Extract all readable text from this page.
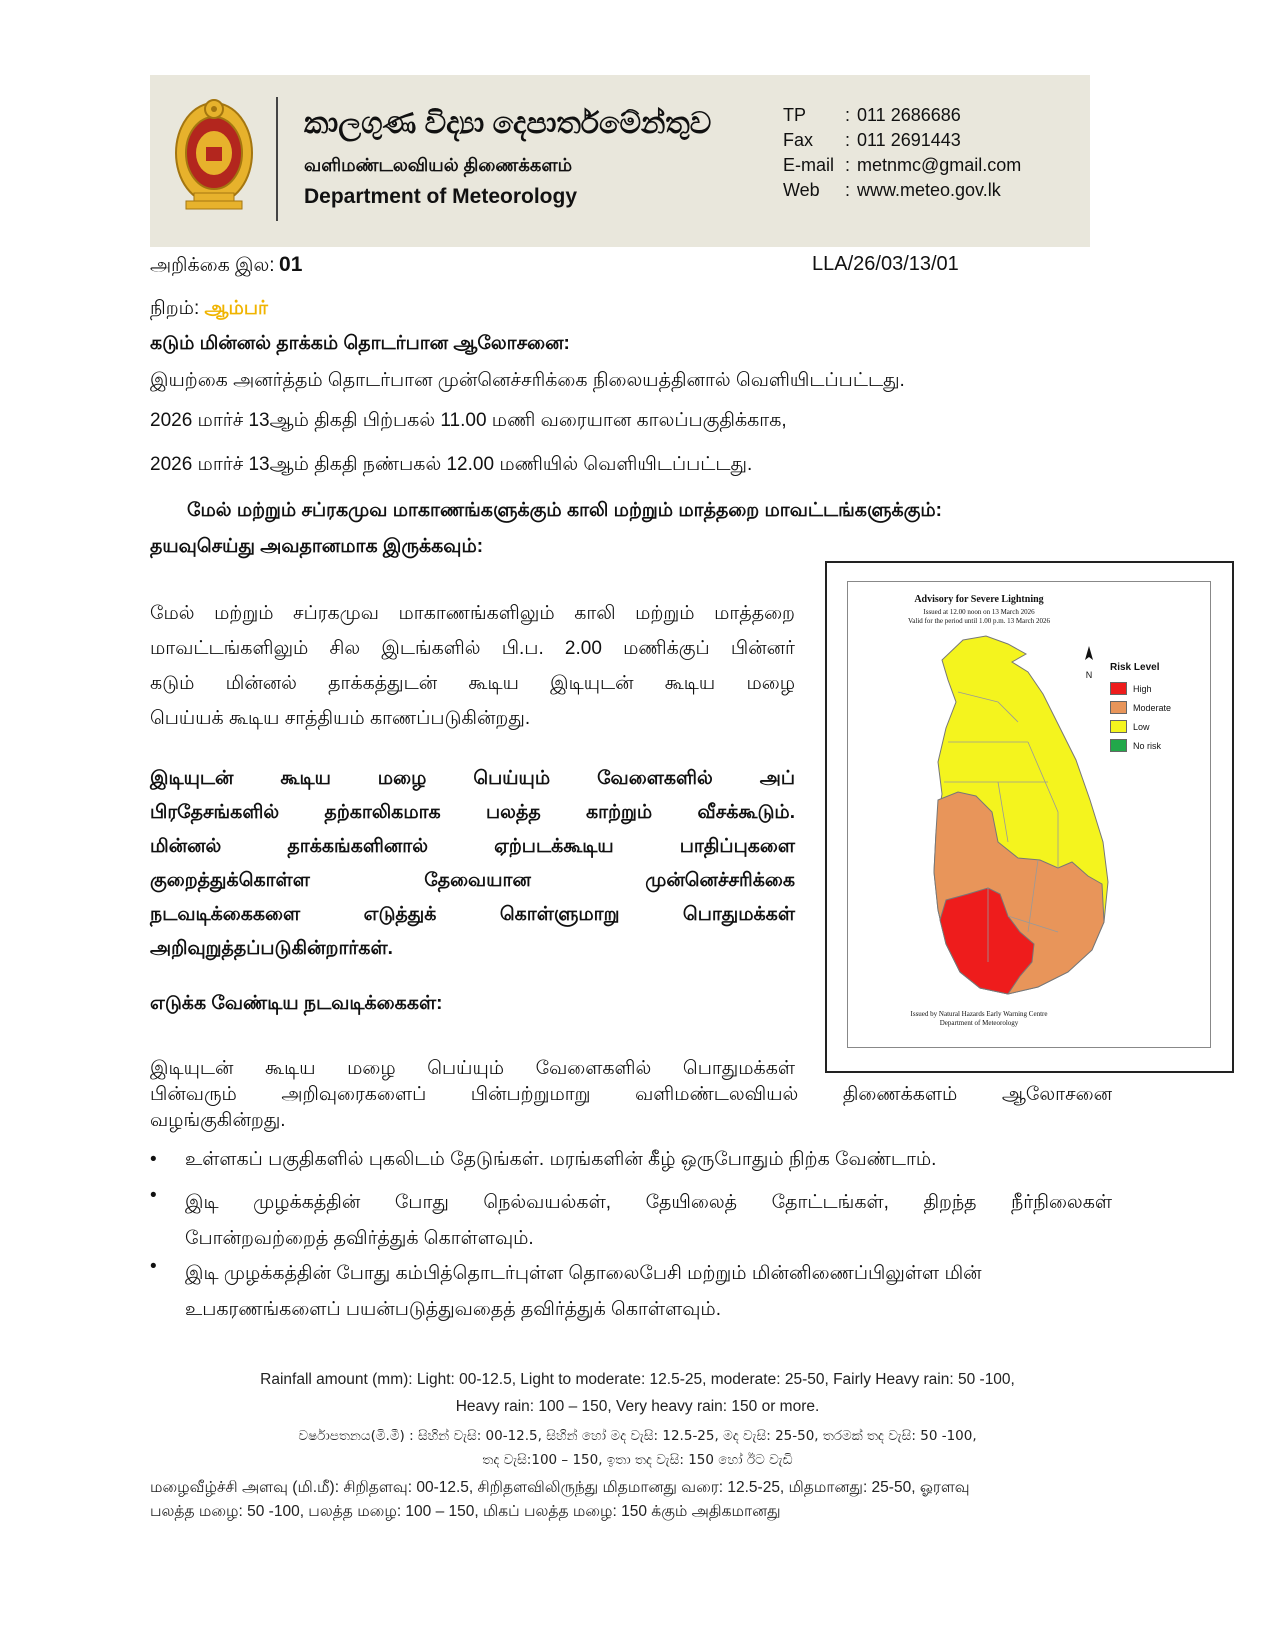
කාලගුණ විද්‍යා දෙපාර්තමේන්තුව
வளிமண்டலவியல் திணைக்களம்
Department of Meteorology
TP : 011 2686686
Fax : 011 2691443
E-mail : metnmc@gmail.com
Web : www.meteo.gov.lk
அறிக்கை இல: 01	LLA/26/03/13/01
நிறம்: ஆம்பர்
கடும் மின்னல் தாக்கம் தொடர்பான ஆலோசனை:
இயற்கை அனர்த்தம் தொடர்பான முன்னெச்சரிக்கை நிலையத்தினால் வெளியிடப்பட்டது.
2026 மார்ச் 13ஆம் திகதி பிற்பகல் 11.00 மணி வரையான காலப்பகுதிக்காக,
2026 மார்ச் 13ஆம் திகதி நண்பகல் 12.00 மணியில் வெளியிடப்பட்டது.
மேல் மற்றும் சப்ரகமுவ மாகாணங்களுக்கும் காலி மற்றும் மாத்தறை மாவட்டங்களுக்கும்:
தயவுசெய்து அவதானமாக இருக்கவும்:
மேல் மற்றும் சப்ரகமுவ மாகாணங்களிலும் காலி மற்றும் மாத்தறை
மாவட்டங்களிலும் சில இடங்களில் பி.ப. 2.00 மணிக்குப் பின்னர்
கடும் மின்னல் தாக்கத்துடன் கூடிய இடியுடன் கூடிய மழை
பெய்யக் கூடிய சாத்தியம் காணப்படுகின்றது.
இடியுடன் கூடிய மழை பெய்யும் வேளைகளில் அப்
பிரதேசங்களில் தற்காலிகமாக பலத்த காற்றும் வீசக்கூடும்.
மின்னல் தாக்கங்களினால் ஏற்படக்கூடிய பாதிப்புகளை
குறைத்துக்கொள்ள தேவையான முன்னெச்சரிக்கை
நடவடிக்கைகளை எடுத்துக் கொள்ளுமாறு பொதுமக்கள்
அறிவுறுத்தப்படுகின்றார்கள்.
எடுக்க வேண்டிய நடவடிக்கைகள்:
Advisory for Severe Lightning
Issued at 12.00 noon on 13 March 2026
Valid for the period until 1.00 p.m. 13 March 2026
N
Risk Level
High
Moderate
Low
No risk
Issued by Natural Hazards Early Warning Centre
Department of Meteorology
இடியுடன் கூடிய மழை பெய்யும் வேளைகளில் பொதுமக்கள்
பின்வரும் அறிவுரைகளைப் பின்பற்றுமாறு வளிமண்டலவியல் திணைக்களம் ஆலோசனை
வழங்குகின்றது.
• உள்ளகப் பகுதிகளில் புகலிடம் தேடுங்கள். மரங்களின் கீழ் ஒருபோதும் நிற்க வேண்டாம்.
• இடி முழக்கத்தின் போது நெல்வயல்கள், தேயிலைத் தோட்டங்கள், திறந்த நீர்நிலைகள்
போன்றவற்றைத் தவிர்த்துக் கொள்ளவும்.
• இடி முழக்கத்தின் போது கம்பித்தொடர்புள்ள தொலைபேசி மற்றும் மின்னிணைப்பிலுள்ள மின்
உபகரணங்களைப் பயன்படுத்துவதைத் தவிர்த்துக் கொள்ளவும்.
Rainfall amount (mm): Light: 00-12.5, Light to moderate: 12.5-25, moderate: 25-50, Fairly Heavy rain: 50 -100,
Heavy rain: 100 – 150, Very heavy rain: 150 or more.
වර්ෂාපතනය(මි.මී) : සිහින් වැසි: 00-12.5, සිහින් හෝ මද වැසි: 12.5-25, මද වැසි: 25-50, තරමක් තද වැසි: 50 -100,
තද වැසි:100 – 150, ඉතා තද වැසි: 150 හෝ ඊට වැඩි
மழைவீழ்ச்சி அளவு (மி.மீ): சிறிதளவு: 00-12.5, சிறிதளவிலிருந்து மிதமானது வரை: 12.5-25, மிதமானது: 25-50, ஓரளவு
பலத்த மழை: 50 -100, பலத்த மழை: 100 – 150, மிகப் பலத்த மழை: 150 க்கும் அதிகமானது
